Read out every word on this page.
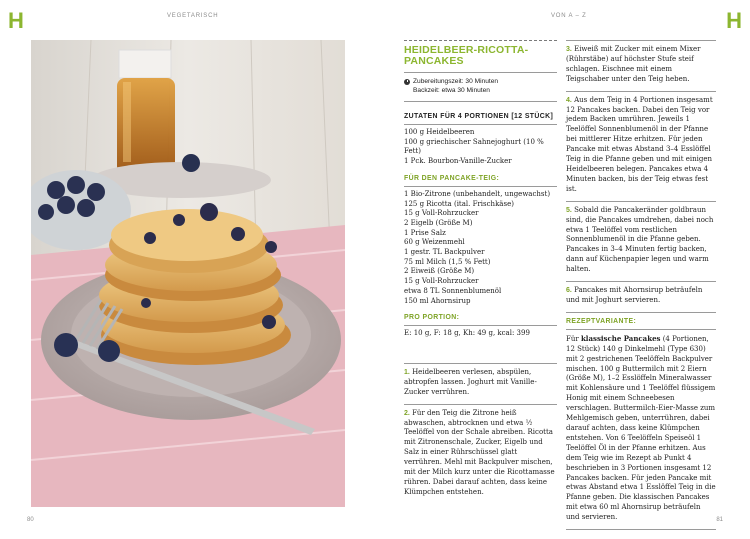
H	H
VEGETARISCH	VON A – Z
HEIDELBEER-RICOTTA-PANCAKES
Zubereitungszeit: 30 Minuten
Backzeit: etwa 30 Minuten
ZUTATEN FÜR 4 PORTIONEN [12 STÜCK]
100 g Heidelbeeren
100 g griechischer Sahnejoghurt (10 % Fett)
1 Pck. Bourbon-Vanille-Zucker
FÜR DEN PANCAKE-TEIG:
1 Bio-Zitrone (unbehandelt, ungewachst)
125 g Ricotta (ital. Frischkäse)
15 g Voll-Rohrzucker
2 Eigelb (Größe M)
1 Prise Salz
60 g Weizenmehl
1 gestr. TL Backpulver
75 ml Milch (1,5 % Fett)
2 Eiweiß (Größe M)
15 g Voll-Rohrzucker
etwa 8 TL Sonnenblumenöl
150 ml Ahornsirup
PRO PORTION:
E: 10 g, F: 18 g, Kh: 49 g, kcal: 399
1. Heidelbeeren verlesen, abspülen, abtropfen lassen. Joghurt mit Vanille-Zucker verrühren.
2. Für den Teig die Zitrone heiß abwaschen, abtrocknen und etwa ½ Teelöffel von der Schale abreiben. Ricotta mit Zitronenschale, Zucker, Eigelb und Salz in einer Rührschüssel glatt verrühren. Mehl mit Backpulver mischen, mit der Milch kurz unter die Ricottamasse rühren. Dabei darauf achten, dass keine Klümpchen entstehen.
3. Eiweiß mit Zucker mit einem Mixer (Rührstäbe) auf höchster Stufe steif schlagen. Eischnee mit einem Teigschaber unter den Teig heben.
4. Aus dem Teig in 4 Portionen insgesamt 12 Pancakes backen. Dabei den Teig vor jedem Backen umrühren. Jeweils 1 Teelöffel Sonnenblumenöl in der Pfanne bei mittlerer Hitze erhitzen. Für jeden Pancake mit etwas Abstand 3–4 Esslöffel Teig in die Pfanne geben und mit einigen Heidelbeeren belegen. Pancakes etwa 4 Minuten backen, bis der Teig etwas fest ist.
5. Sobald die Pancakeränder goldbraun sind, die Pancakes umdrehen, dabei noch etwa 1 Teelöffel vom restlichen Sonnenblumenöl in die Pfanne geben. Pancakes in 3–4 Minuten fertig backen, dann auf Küchenpapier legen und warm halten.
6. Pancakes mit Ahornsirup beträufeln und mit Joghurt servieren.
REZEPTVARIANTE:
Für klassische Pancakes (4 Portionen, 12 Stück) 140 g Dinkelmehl (Type 630) mit 2 gestrichenen Teelöffeln Backpulver mischen. 100 g Buttermilch mit 2 Eiern (Größe M), 1–2 Esslöffeln Mineralwasser mit Kohlensäure und 1 Teelöffel flüssigem Honig mit einem Schneebesen verschlagen. Buttermilch-Eier-Masse zum Mehlgemisch geben, unterrühren, dabei darauf achten, dass keine Klümpchen entstehen. Von 6 Teelöffeln Speiseöl 1 Teelöffel Öl in der Pfanne erhitzen. Aus dem Teig wie im Rezept ab Punkt 4 beschrieben in 3 Portionen insgesamt 12 Pancakes backen. Für jeden Pancake mit etwas Abstand etwa 1 Esslöffel Teig in die Pfanne geben. Die klassischen Pancakes mit etwa 60 ml Ahornsirup beträufeln und servieren.
80	81
